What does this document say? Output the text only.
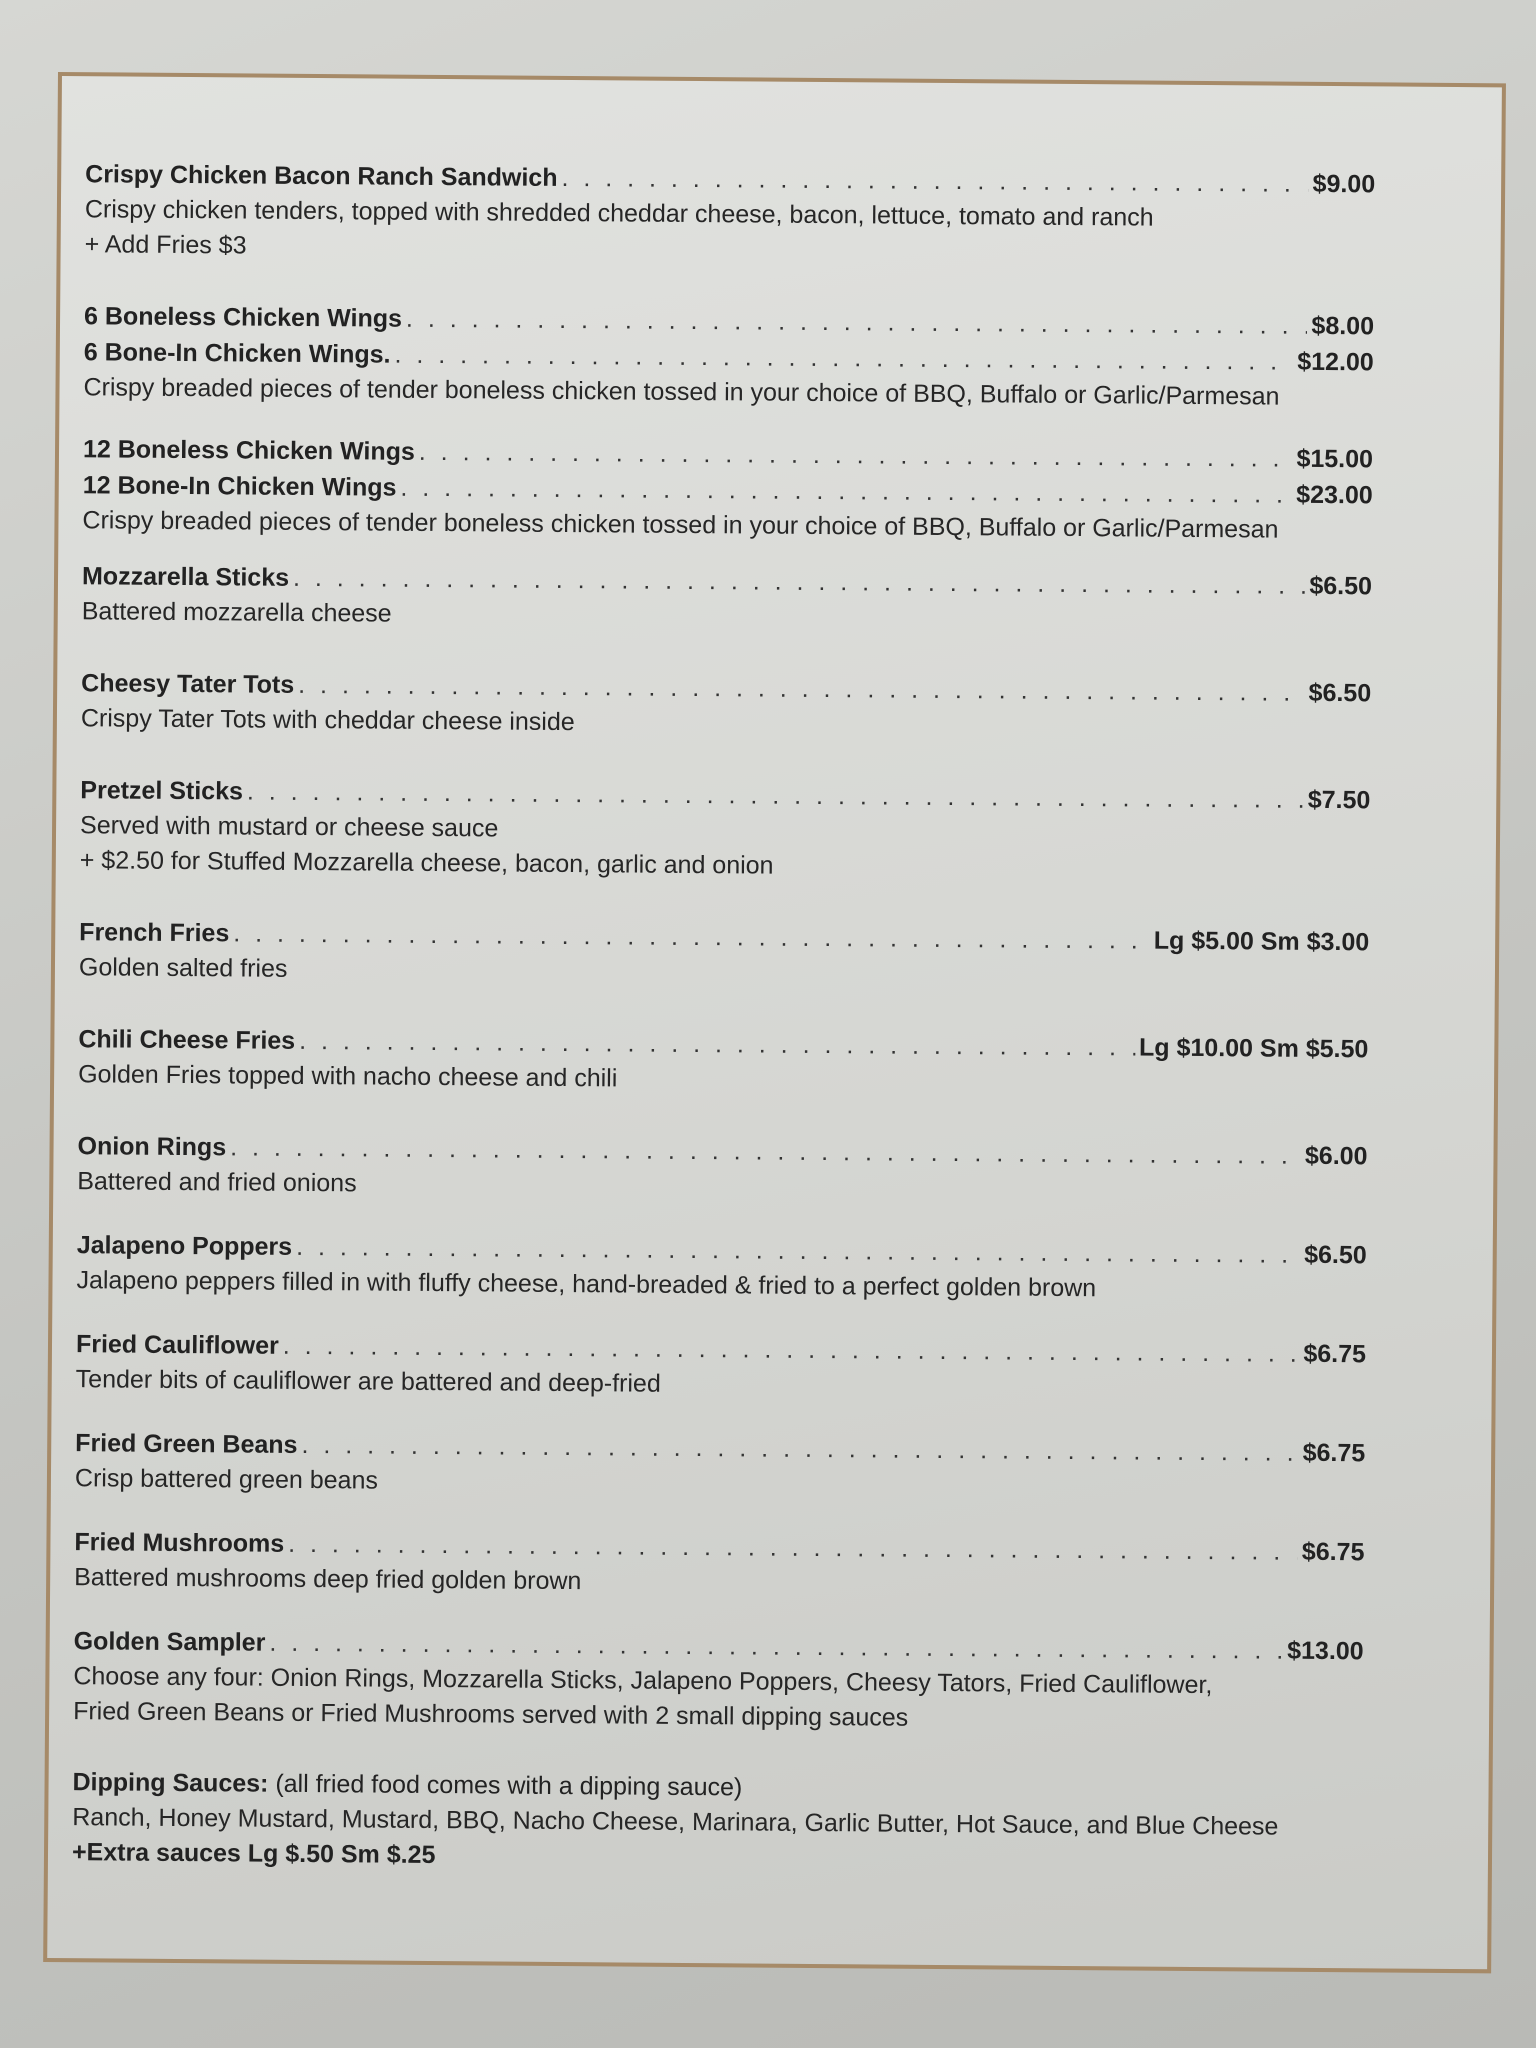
Crispy Chicken Bacon Ranch Sandwich . . .	$9.00

Crispy chicken tenders, topped with shredded cheddar cheese, bacon, lettuce, tomato and ranch

+ Add Fries $3

6 Boneless Chicken Wings . . .	$8.00
6 Bone-In Chicken Wings. . . .	$12.00

Crispy breaded pieces of tender boneless chicken tossed in your choice of BBQ, Buffalo or Garlic/Parmesan

12 Boneless Chicken Wings . . .	$15.00
12 Bone-In Chicken Wings . . .	$23.00

Crispy breaded pieces of tender boneless chicken tossed in your choice of BBQ, Buffalo or Garlic/Parmesan

Mozzarella Sticks . . .	$6.50

Battered mozzarella cheese

Cheesy Tater Tots . . .	$6.50

Crispy Tater Tots with cheddar cheese inside

Pretzel Sticks . . .	$7.50

Served with mustard or cheese sauce

+ $2.50 for Stuffed Mozzarella cheese, bacon, garlic and onion

French Fries . . .	Lg $5.00 Sm $3.00

Golden salted fries

Chili Cheese Fries . . .	Lg $10.00 Sm $5.50

Golden Fries topped with nacho cheese and chili

Onion Rings . . .	$6.00

Battered and fried onions

Jalapeno Poppers . . .	$6.50

Jalapeno peppers filled in with fluffy cheese, hand-breaded & fried to a perfect golden brown

Fried Cauliflower . . .	$6.75

Tender bits of cauliflower are battered and deep-fried

Fried Green Beans . . .	$6.75

Crisp battered green beans

Fried Mushrooms . . .	$6.75

Battered mushrooms deep fried golden brown

Golden Sampler . . .	$13.00

Choose any four: Onion Rings, Mozzarella Sticks, Jalapeno Poppers, Cheesy Tators, Fried Cauliflower,

Fried Green Beans or Fried Mushrooms served with 2 small dipping sauces

Dipping Sauces: (all fried food comes with a dipping sauce)

Ranch, Honey Mustard, Mustard, BBQ, Nacho Cheese, Marinara, Garlic Butter, Hot Sauce, and Blue Cheese

+Extra sauces Lg $.50 Sm $.25
